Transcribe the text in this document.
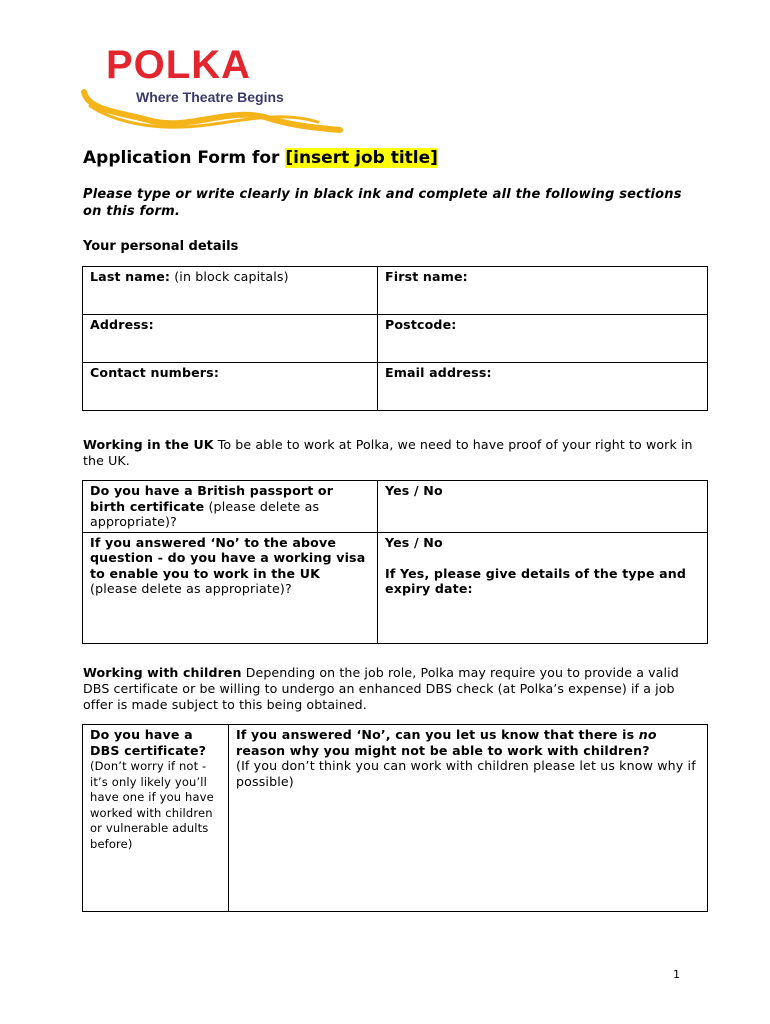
POLKA
Where Theatre Begins
Application Form for [insert job title]
Please type or write clearly in black ink and complete all the following sections on this form.
Your personal details
Last name: (in block capitals)	First name:
Address:	Postcode:
Contact numbers:	Email address:
Working in the UK To be able to work at Polka, we need to have proof of your right to work in the UK.
Do you have a British passport or birth certificate (please delete as appropriate)?	Yes / No
If you answered ‘No’ to the above question - do you have a working visa to enable you to work in the UK
(please delete as appropriate)?	Yes / No

If Yes, please give details of the type and expiry date:
Working with children Depending on the job role, Polka may require you to provide a valid DBS certificate or be willing to undergo an enhanced DBS check (at Polka’s expense) if a job offer is made subject to this being obtained.
Do you have a DBS certificate?
(Don’t worry if not - it’s only likely you’ll have one if you have worked with children or vulnerable adults before)	If you answered ‘No’, can you let us know that there is no reason why you might not be able to work with children?
(If you don’t think you can work with children please let us know why if possible)
1
